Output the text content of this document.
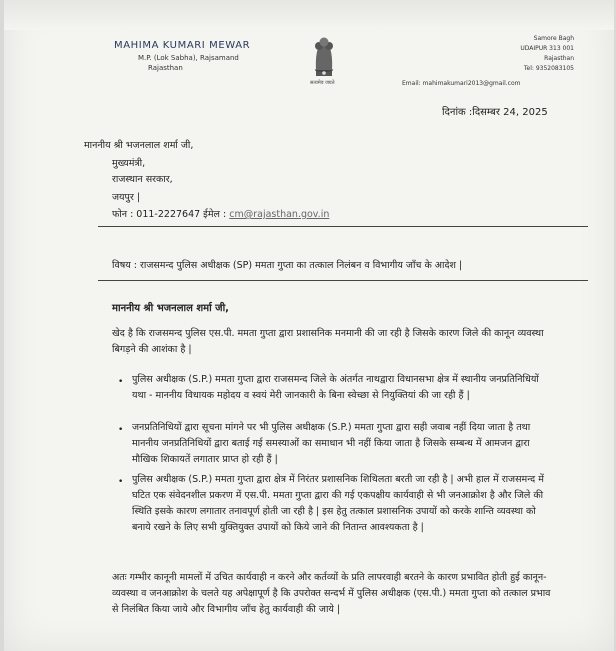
MAHIMA KUMARI MEWAR
M.P. (Lok Sabha), Rajsamand
Rajasthan
सत्यमेव जयते
Samore Bagh
UDAIPUR 313 001
Rajasthan
Tel: 9352083105
Email: mahimakumari2013@gmail.com
दिनांक :दिसम्बर 24, 2025
माननीय श्री भजनलाल शर्मा जी,
मुख्यमंत्री,
राजस्थान सरकार,
जयपुर |
फोन : 011-2227647 ईमेल : cm@rajasthan.gov.in
विषय : राजसमन्द पुलिस अधीक्षक (SP) ममता गुप्ता का तत्काल निलंबन व विभागीय जाँच के आदेश |
माननीय श्री भजनलाल शर्मा जी,
खेद है कि राजसमन्द पुलिस एस.पी. ममता गुप्ता द्वारा प्रशासनिक मनमानी की जा रही है जिसके कारण जिले की कानून व्यवस्था बिगड़ने की आशंका है |
• पुलिस अधीक्षक (S.P.) ममता गुप्ता द्वारा राजसमन्द जिले के अंतर्गत नाथद्वारा विधानसभा क्षेत्र में स्थानीय जनप्रतिनिधियों यथा - माननीय विधायक महोदय व स्वयं मेरी जानकारी के बिना स्वेच्छा से नियुक्तियां की जा रही हैं |
• जनप्रतिनिधियों द्वारा सूचना मांगने पर भी पुलिस अधीक्षक (S.P.) ममता गुप्ता द्वारा सही जवाब नहीं दिया जाता है तथा माननीय जनप्रतिनिधियों द्वारा बताई गई समस्याओं का समाधान भी नहीं किया जाता है जिसके सम्बन्ध में आमजन द्वारा मौखिक शिकायतें लगातार प्राप्त हो रही हैं |
• पुलिस अधीक्षक (S.P.) ममता गुप्ता द्वारा क्षेत्र में निरंतर प्रशासनिक शिथिलता बरती जा रही है | अभी हाल में राजसमन्द में घटित एक संवेदनशील प्रकरण में एस.पी. ममता गुप्ता द्वारा की गई एकपक्षीय कार्यवाही से भी जनआक्रोश है और जिले की स्थिति इसके कारण लगातार तनावपूर्ण होती जा रही है | इस हेतु तत्काल प्रशासनिक उपायों को करके शान्ति व्यवस्था को बनाये रखने के लिए सभी युक्तियुक्त उपायों को किये जाने की नितान्त आवश्यकता है |
अतः गम्भीर कानूनी मामलों में उचित कार्यवाही न करने और कर्तव्यों के प्रति लापरवाही बरतने के कारण प्रभावित होती हुई कानून-व्यवस्था व जनआक्रोश के चलते यह अपेक्षापूर्ण है कि उपरोक्त सन्दर्भ में पुलिस अधीक्षक (एस.पी.) ममता गुप्ता को तत्काल प्रभाव से निलंबित किया जाये और विभागीय जाँच हेतु कार्यवाही की जाये |
